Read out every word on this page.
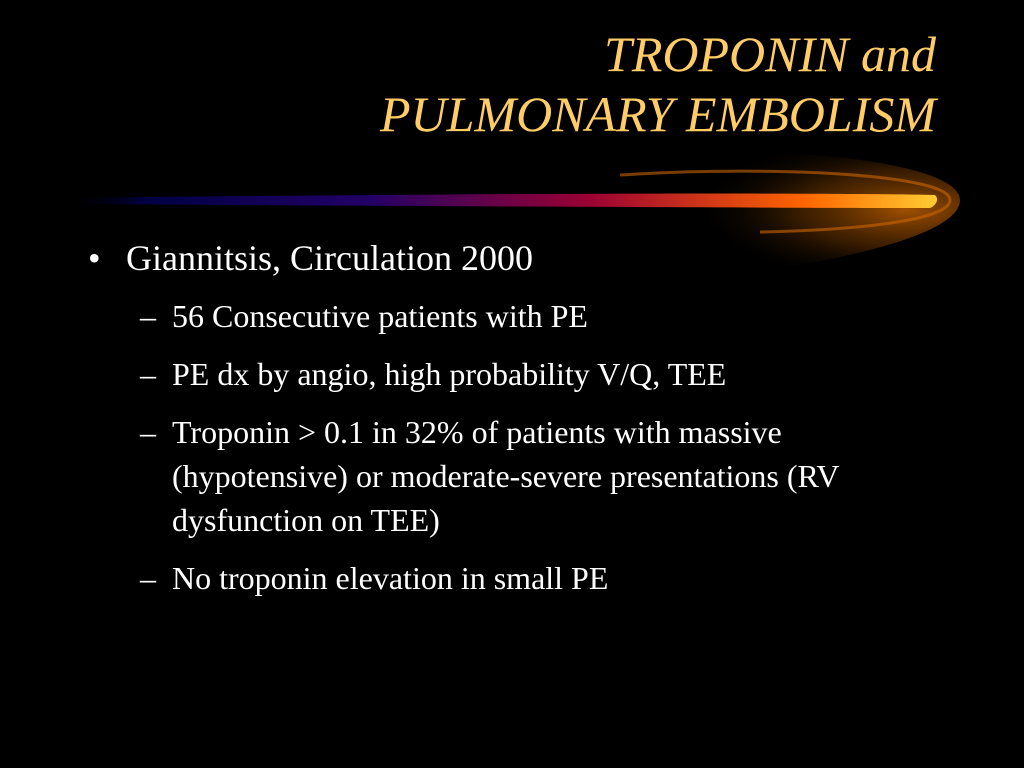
TROPONIN and
PULMONARY EMBOLISM
• Giannitsis, Circulation 2000
– 56 Consecutive patients with PE
– PE dx by angio, high probability V/Q, TEE
– Troponin > 0.1 in 32% of patients with massive (hypotensive) or moderate-severe presentations (RV dysfunction on TEE)
– No troponin elevation in small PE
